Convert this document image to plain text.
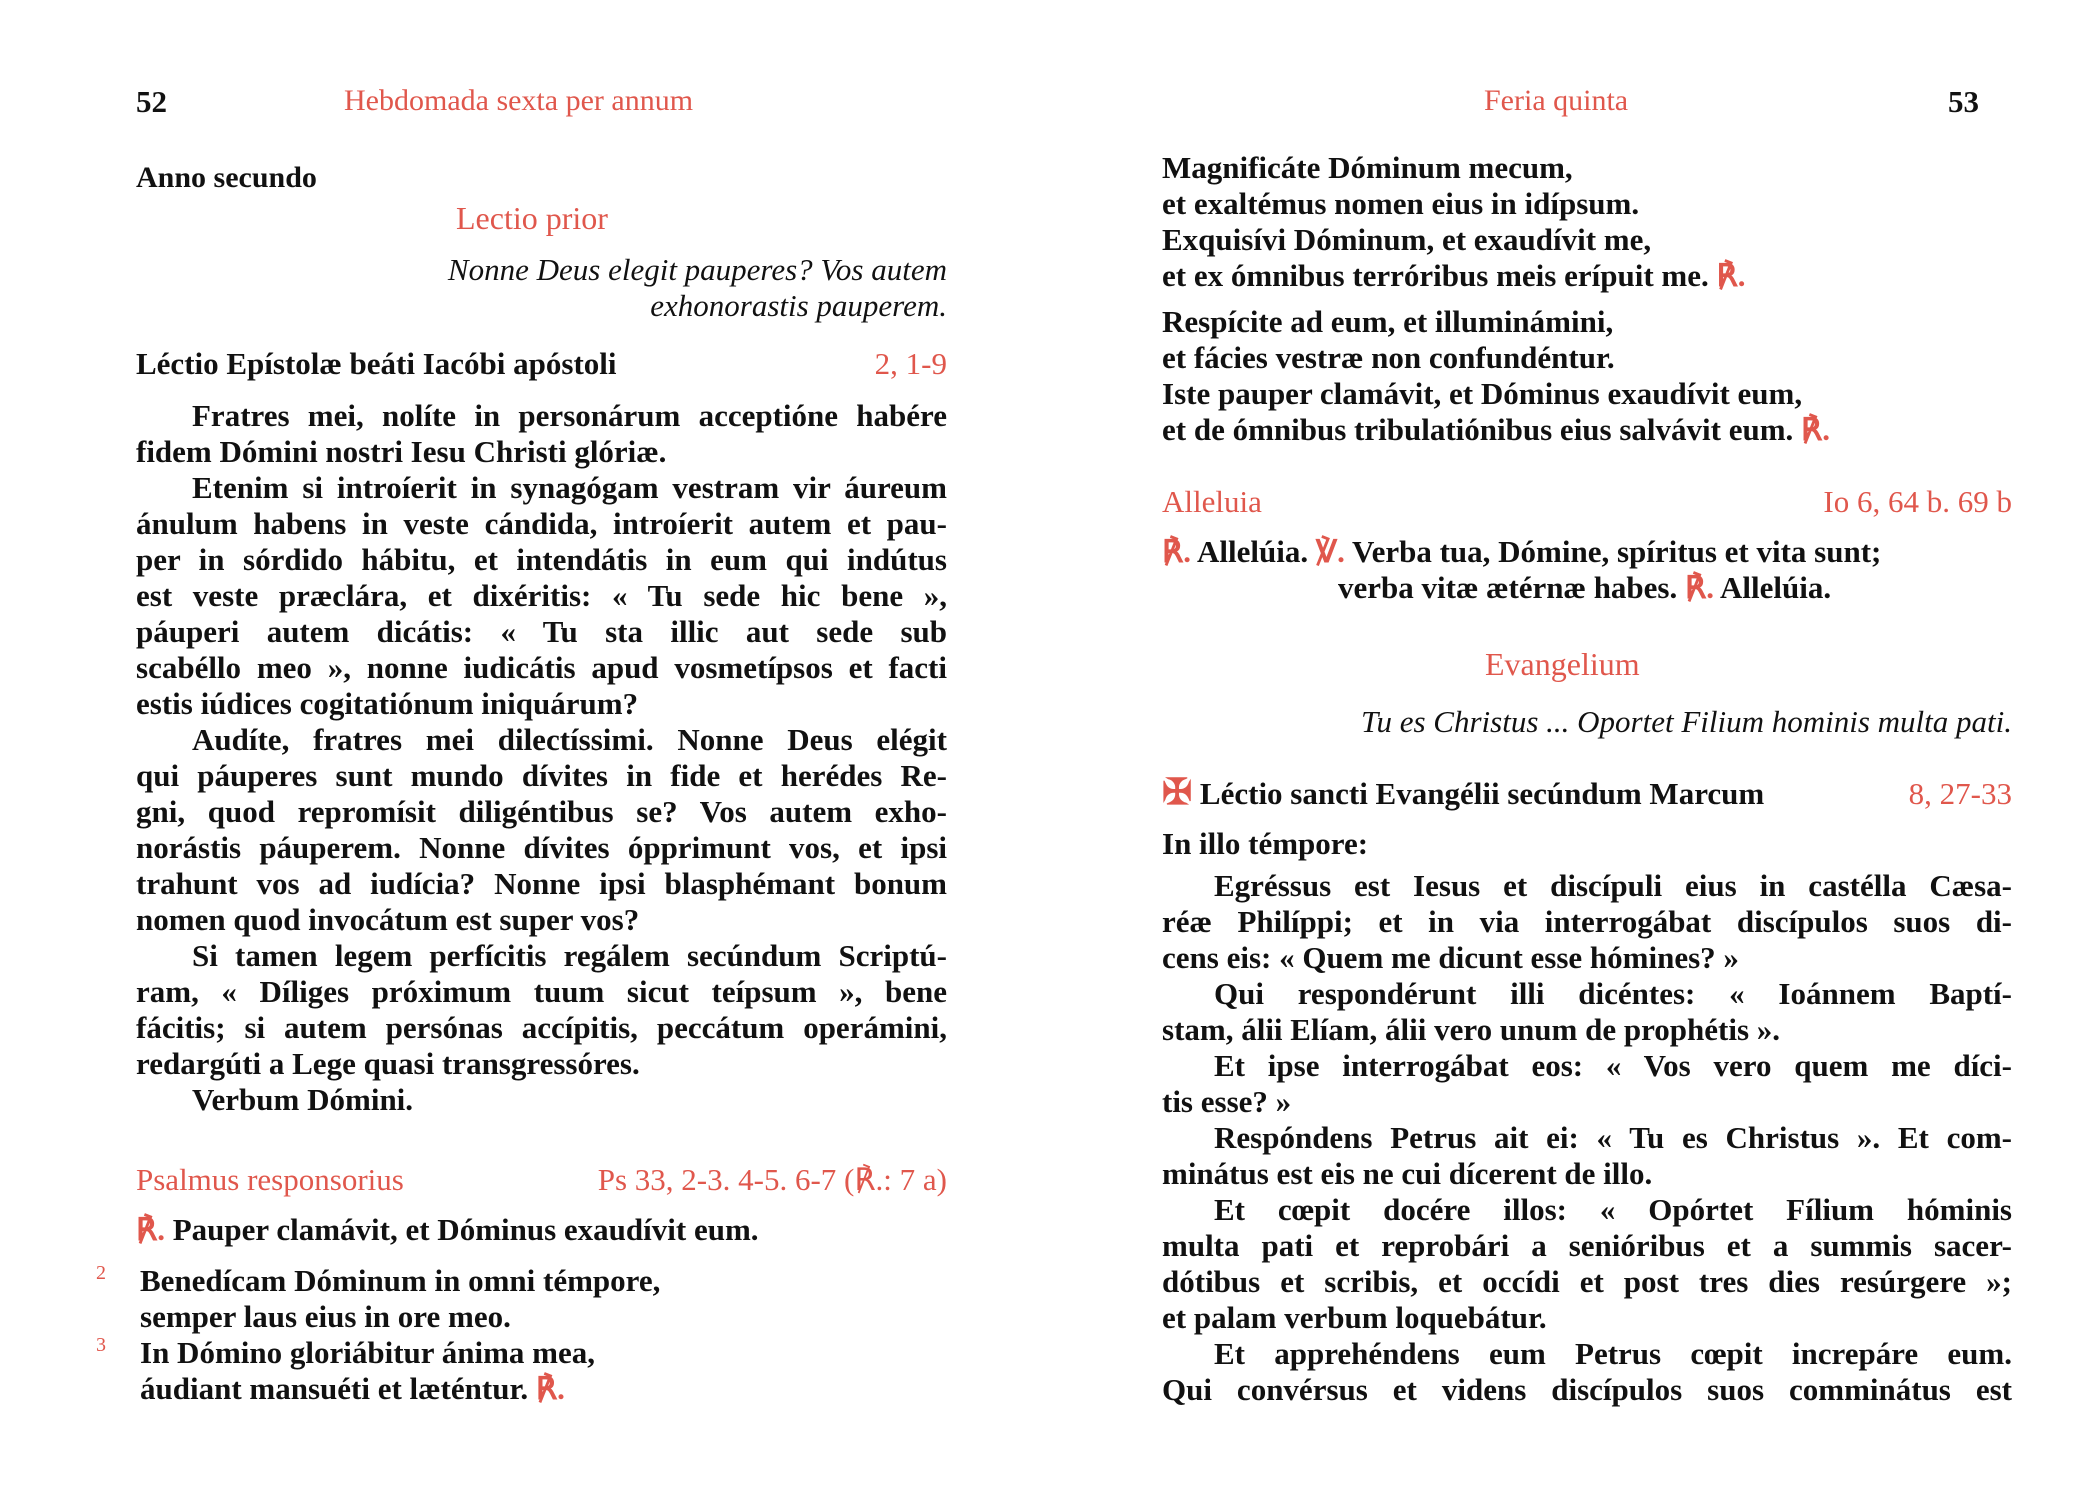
52	Hebdomada sexta per annum
Anno secundo
Lectio prior
Nonne Deus elegit pauperes? Vos autem
exhonorastis pauperem.
Léctio Epístolæ beáti Iacóbi apóstoli	2, 1-9
Fratres mei, nolíte in personárum acceptióne habére
fidem Dómini nostri Iesu Christi glóriæ.
Etenim si introíerit in synagógam vestram vir áureum
ánulum habens in veste cándida, introíerit autem et pau-
per in sórdido hábitu, et intendátis in eum qui indútus
est veste præclára, et dixéritis: « Tu sede hic bene »,
páuperi autem dicátis: « Tu sta illic aut sede sub
scabéllo meo », nonne iudicátis apud vosmetípsos et facti
estis iúdices cogitatiónum iniquárum?
Audíte, fratres mei dilectíssimi. Nonne Deus elégit
qui páuperes sunt mundo dívites in fide et herédes Re-
gni, quod repromísit diligéntibus se? Vos autem exho-
norástis páuperem. Nonne dívites ópprimunt vos, et ipsi
trahunt vos ad iudícia? Nonne ipsi blasphémant bonum
nomen quod invocátum est super vos?
Si tamen legem perfícitis regálem secúndum Scriptú-
ram, « Díliges próximum tuum sicut teípsum », bene
fácitis; si autem persónas accípitis, peccátum operámini,
redargúti a Lege quasi transgressóres.
Verbum Dómini.
Psalmus responsorius	Ps 33, 2-3. 4-5. 6-7 (℟.: 7 a)
℟. Pauper clamávit, et Dóminus exaudívit eum.
2
3
Benedícam Dóminum in omni témpore,
semper laus eius in ore meo.
In Dómino gloriábitur ánima mea,
áudiant mansuéti et læténtur. ℟.
Feria quinta	53
Magnificáte Dóminum mecum,
et exaltémus nomen eius in idípsum.
Exquisívi Dóminum, et exaudívit me,
et ex ómnibus terróribus meis erípuit me. ℟.
Respícite ad eum, et illuminámini,
et fácies vestræ non confundéntur.
Iste pauper clamávit, et Dóminus exaudívit eum,
et de ómnibus tribulatiónibus eius salvávit eum. ℟.
Alleluia	Io 6, 64 b. 69 b
℟. Allelúia. ℣. Verba tua, Dómine, spíritus et vita sunt;
verba vitæ ætérnæ habes. ℟. Allelúia.
Evangelium
Tu es Christus ... Oportet Filium hominis multa pati.
✠ Léctio sancti Evangélii secúndum Marcum	8, 27-33
In illo témpore:
Egréssus est Iesus et discípuli eius in castélla Cæsa-
réæ Philíppi; et in via interrogábat discípulos suos di-
cens eis: « Quem me dicunt esse hómines? »
Qui respondérunt illi dicéntes: « Ioánnem Baptí-
stam, álii Elíam, álii vero unum de prophétis ».
Et ipse interrogábat eos: « Vos vero quem me díci-
tis esse? »
Respóndens Petrus ait ei: « Tu es Christus ». Et com-
minátus est eis ne cui dícerent de illo.
Et cœpit docére illos: « Opórtet Fílium hóminis
multa pati et reprobári a senióribus et a summis sacer-
dótibus et scribis, et occídi et post tres dies resúrgere »;
et palam verbum loquebátur.
Et apprehéndens eum Petrus cœpit increpáre eum.
Qui convérsus et videns discípulos suos comminátus est
